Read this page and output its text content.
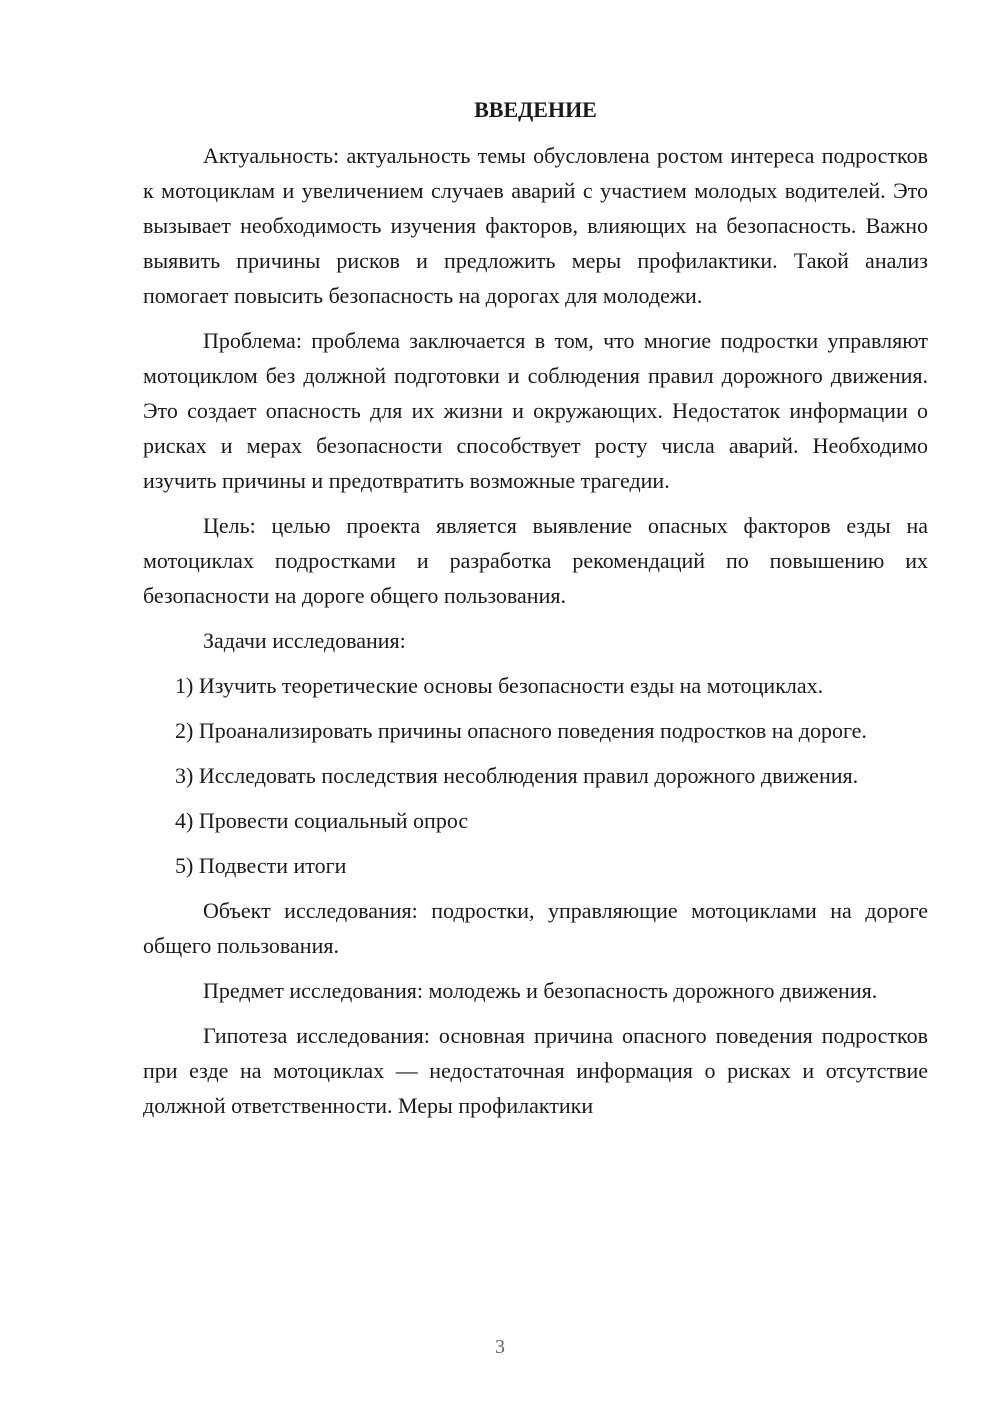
ВВЕДЕНИЕ

Актуальность: актуальность темы обусловлена ростом интереса подростков к мотоциклам и увеличением случаев аварий с участием молодых водителей. Это вызывает необходимость изучения факторов, влияющих на безопасность. Важно выявить причины рисков и предложить меры профилактики. Такой анализ помогает повысить безопасность на дорогах для молодежи.

Проблема: проблема заключается в том, что многие подростки управляют мотоциклом без должной подготовки и соблюдения правил дорожного движения. Это создает опасность для их жизни и окружающих. Недостаток информации о рисках и мерах безопасности способствует росту числа аварий. Необходимо изучить причины и предотвратить возможные трагедии.

Цель: целью проекта является выявление опасных факторов езды на мотоциклах подростками и разработка рекомендаций по повышению их безопасности на дороге общего пользования.

Задачи исследования:

1) Изучить теоретические основы безопасности езды на мотоциклах.

2) Проанализировать причины опасного поведения подростков на дороге.

3) Исследовать последствия несоблюдения правил дорожного движения.

4) Провести социальный опрос

5) Подвести итоги

Объект исследования: подростки, управляющие мотоциклами на дороге общего пользования.

Предмет исследования: молодежь и безопасность дорожного движения.

Гипотеза исследования: основная причина опасного поведения подростков при езде на мотоциклах — недостаточная информация о рисках и отсутствие должной ответственности. Меры профилактики

3
